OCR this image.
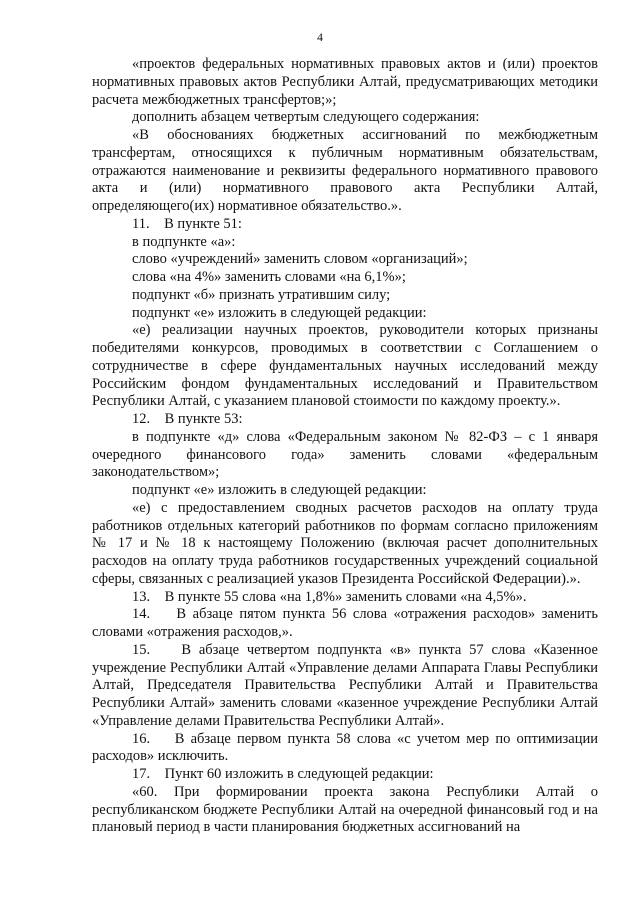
4

«проектов федеральных нормативных правовых актов и (или) проектов нормативных правовых актов Республики Алтай, предусматривающих методики расчета межбюджетных трансфертов;»;

дополнить абзацем четвертым следующего содержания:

«В обоснованиях бюджетных ассигнований по межбюджетным трансфертам, относящихся к публичным нормативным обязательствам, отражаются наименование и реквизиты федерального нормативного правового акта и (или) нормативного правового акта Республики Алтай, определяющего(их) нормативное обязательство.».

11.    В пункте 51:

в подпункте «а»:

слово «учреждений» заменить словом «организаций»;

слова «на 4%» заменить словами «на 6,1%»;

подпункт «б» признать утратившим силу;

подпункт «е» изложить в следующей редакции:

«е) реализации научных проектов, руководители которых признаны победителями конкурсов, проводимых в соответствии с Соглашением о сотрудничестве в сфере фундаментальных научных исследований между Российским фондом фундаментальных исследований и Правительством Республики Алтай, с указанием плановой стоимости по каждому проекту.».

12.    В пункте 53:

в подпункте «д» слова «Федеральным законом № 82-ФЗ – с 1 января очередного финансового года» заменить словами «федеральным законодательством»;

подпункт «е» изложить в следующей редакции:

«е) с предоставлением сводных расчетов расходов на оплату труда работников отдельных категорий работников по формам согласно приложениям № 17 и № 18 к настоящему Положению (включая расчет дополнительных расходов на оплату труда работников государственных учреждений социальной сферы, связанных с реализацией указов Президента Российской Федерации).».

13.    В пункте 55 слова «на 1,8%» заменить словами «на 4,5%».

14.    В абзаце пятом пункта 56 слова «отражения расходов» заменить словами «отражения расходов,».

15.    В абзаце четвертом подпункта «в» пункта 57 слова «Казенное учреждение Республики Алтай «Управление делами Аппарата Главы Республики Алтай, Председателя Правительства Республики Алтай и Правительства Республики Алтай» заменить словами «казенное учреждение Республики Алтай «Управление делами Правительства Республики Алтай».

16.    В абзаце первом пункта 58 слова «с учетом мер по оптимизации расходов» исключить.

17.    Пункт 60 изложить в следующей редакции:

«60. При формировании проекта закона Республики Алтай о республиканском бюджете Республики Алтай на очередной финансовый год и на плановый период в части планирования бюджетных ассигнований на
